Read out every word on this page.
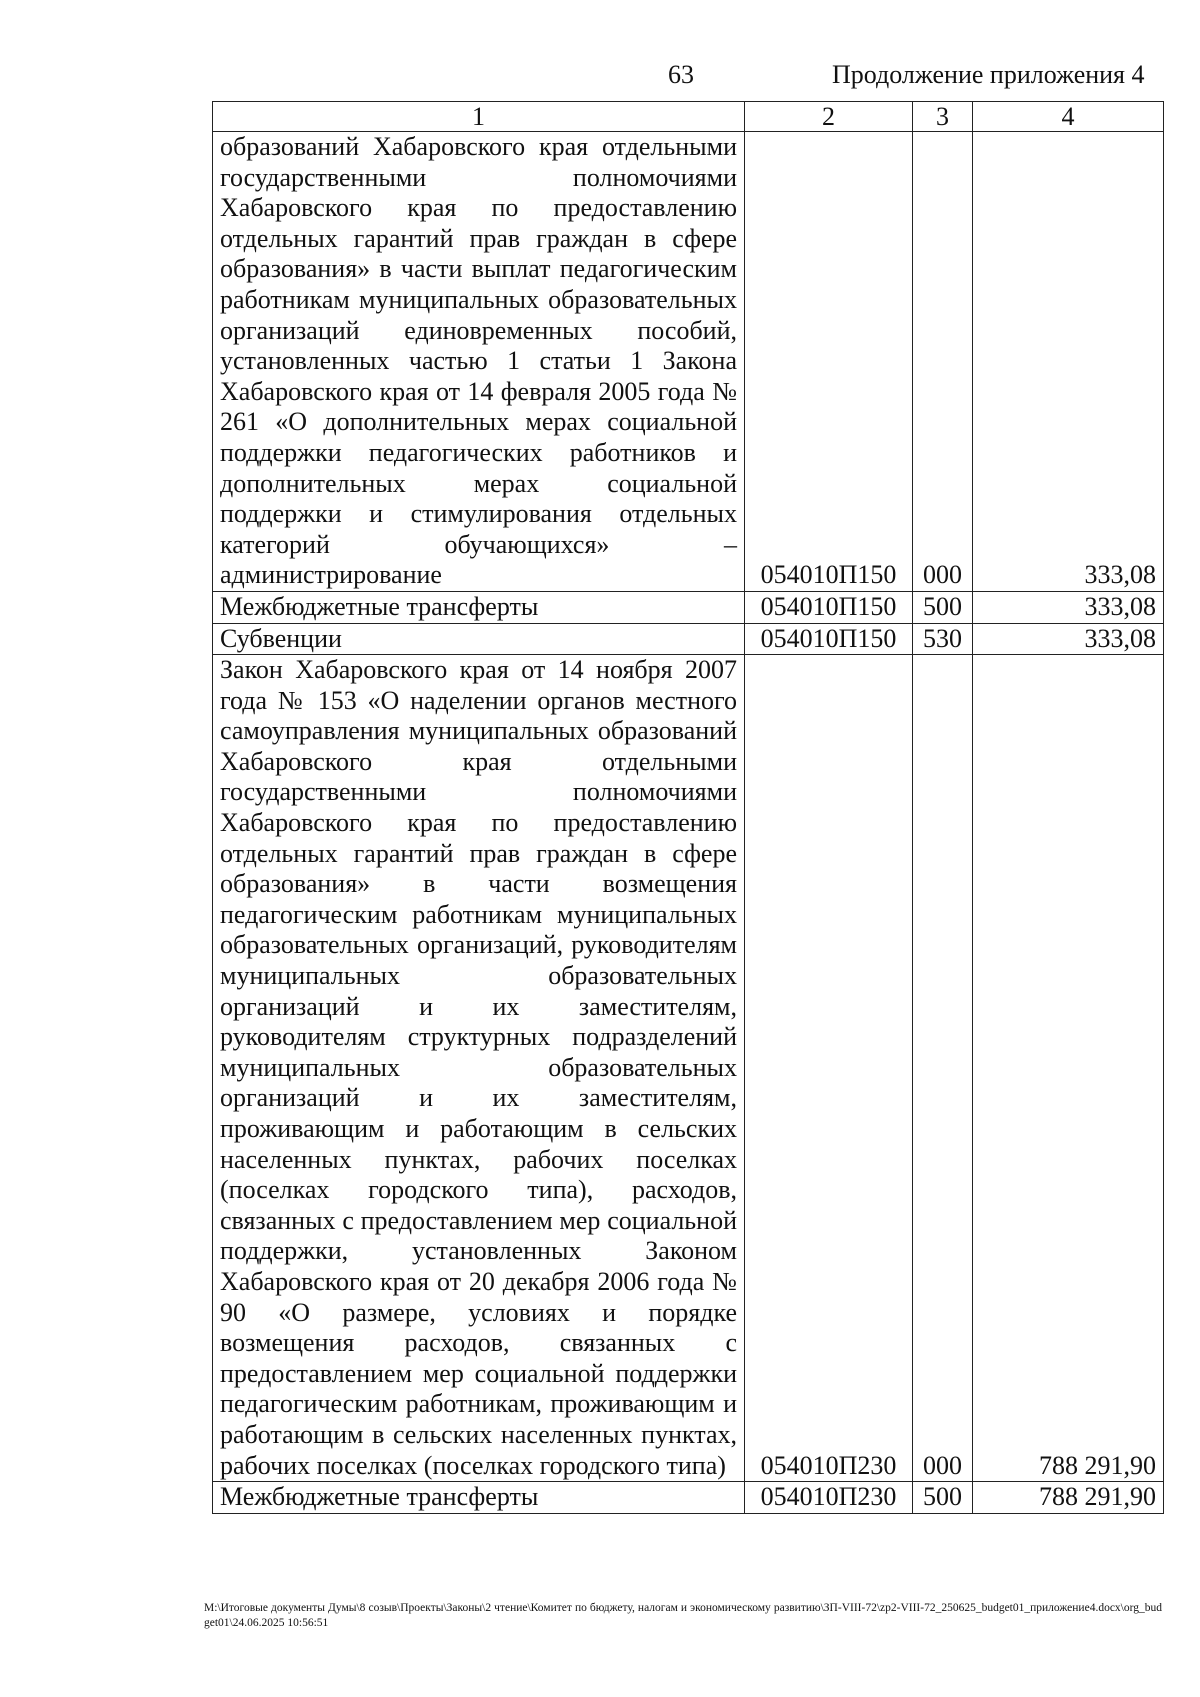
63	Продолжение приложения 4
1	2	3	4
образований Хабаровского края отдельными государственными полномочиями Хабаровского края по предоставлению отдельных гарантий прав граждан в сфере образования» в части выплат педагогическим работникам муниципальных образовательных организаций единовременных пособий, установленных частью 1 статьи 1 Закона Хабаровского края от 14 февраля 2005 года № 261 «О дополнительных мерах социальной поддержки педагогических работников и дополнительных мерах социальной поддержки и стимулирования отдельных категорий обучающихся» – администрирование	054010П150	000	333,08
Межбюджетные трансферты	054010П150	500	333,08
Субвенции	054010П150	530	333,08
Закон Хабаровского края от 14 ноября 2007 года № 153 «О наделении органов местного самоуправления муниципальных образований Хабаровского края отдельными государственными полномочиями Хабаровского края по предоставлению отдельных гарантий прав граждан в сфере образования» в части возмещения педагогическим работникам муниципальных образовательных организаций, руководителям муниципальных образовательных организаций и их заместителям, руководителям структурных подразделений муниципальных образовательных организаций и их заместителям, проживающим и работающим в сельских населенных пунктах, рабочих поселках (поселках городского типа), расходов, связанных с предоставлением мер социальной поддержки, установленных Законом Хабаровского края от 20 декабря 2006 года № 90 «О размере, условиях и порядке возмещения расходов, связанных с предоставлением мер социальной поддержки педагогическим работникам, проживающим и работающим в сельских населенных пунктах, рабочих поселках (поселках городского типа)	054010П230	000	788 291,90
Межбюджетные трансферты	054010П230	500	788 291,90
M:\Итоговые документы Думы\8 созыв\Проекты\Законы\2 чтение\Комитет по бюджету, налогам и экономическому развитию\ЗП-VIII-72\zp2-VIII-72_250625_budget01_приложение4.docx\org_budget01\24.06.2025 10:56:51
